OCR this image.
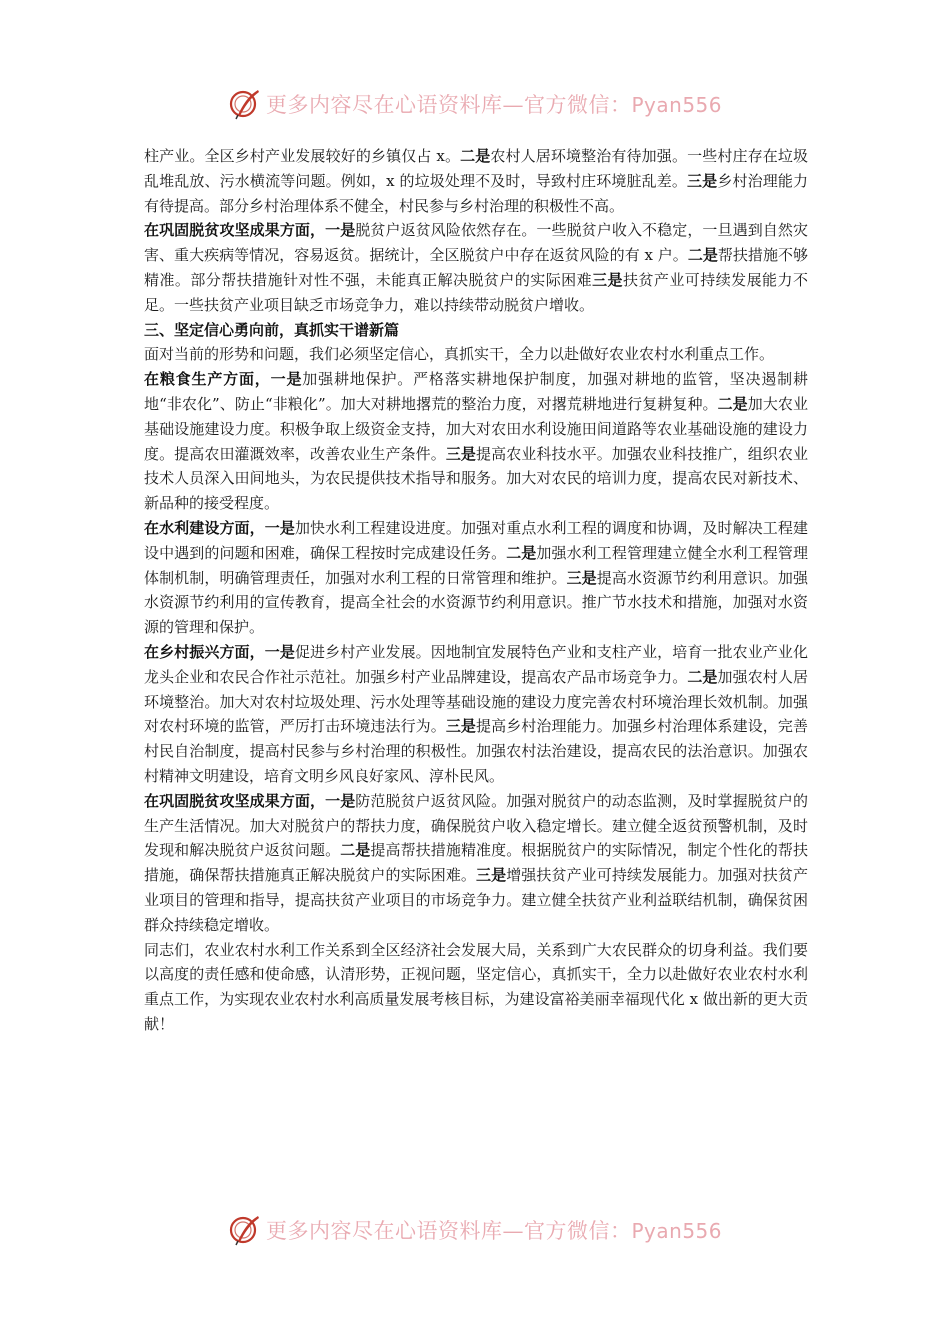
更多内容尽在心语资料库—官方微信：Pyan556

柱产业。全区乡村产业发展较好的乡镇仅占 x。二是农村人居环境整治有待加强。一些村庄存在垃圾乱堆乱放、污水横流等问题。例如，x 的垃圾处理不及时，导致村庄环境脏乱差。三是乡村治理能力有待提高。部分乡村治理体系不健全，村民参与乡村治理的积极性不高。

在巩固脱贫攻坚成果方面，一是脱贫户返贫风险依然存在。一些脱贫户收入不稳定，一旦遇到自然灾害、重大疾病等情况，容易返贫。据统计，全区脱贫户中存在返贫风险的有 x 户。二是帮扶措施不够精准。部分帮扶措施针对性不强，未能真正解决脱贫户的实际困难三是扶贫产业可持续发展能力不足。一些扶贫产业项目缺乏市场竞争力，难以持续带动脱贫户增收。

三、坚定信心勇向前，真抓实干谱新篇

面对当前的形势和问题，我们必须坚定信心，真抓实干，全力以赴做好农业农村水利重点工作。

在粮食生产方面，一是加强耕地保护。严格落实耕地保护制度，加强对耕地的监管，坚决遏制耕地“非农化”、防止“非粮化”。加大对耕地撂荒的整治力度，对撂荒耕地进行复耕复种。二是加大农业基础设施建设力度。积极争取上级资金支持，加大对农田水利设施田间道路等农业基础设施的建设力度。提高农田灌溉效率，改善农业生产条件。三是提高农业科技水平。加强农业科技推广，组织农业技术人员深入田间地头，为农民提供技术指导和服务。加大对农民的培训力度，提高农民对新技术、新品种的接受程度。

在水利建设方面，一是加快水利工程建设进度。加强对重点水利工程的调度和协调，及时解决工程建设中遇到的问题和困难，确保工程按时完成建设任务。二是加强水利工程管理建立健全水利工程管理体制机制，明确管理责任，加强对水利工程的日常管理和维护。三是提高水资源节约利用意识。加强水资源节约利用的宣传教育，提高全社会的水资源节约利用意识。推广节水技术和措施，加强对水资源的管理和保护。

在乡村振兴方面，一是促进乡村产业发展。因地制宜发展特色产业和支柱产业，培育一批农业产业化龙头企业和农民合作社示范社。加强乡村产业品牌建设，提高农产品市场竞争力。二是加强农村人居环境整治。加大对农村垃圾处理、污水处理等基础设施的建设力度完善农村环境治理长效机制。加强对农村环境的监管，严厉打击环境违法行为。三是提高乡村治理能力。加强乡村治理体系建设，完善村民自治制度，提高村民参与乡村治理的积极性。加强农村法治建设，提高农民的法治意识。加强农村精神文明建设，培育文明乡风良好家风、淳朴民风。

在巩固脱贫攻坚成果方面，一是防范脱贫户返贫风险。加强对脱贫户的动态监测，及时掌握脱贫户的生产生活情况。加大对脱贫户的帮扶力度，确保脱贫户收入稳定增长。建立健全返贫预警机制，及时发现和解决脱贫户返贫问题。二是提高帮扶措施精准度。根据脱贫户的实际情况，制定个性化的帮扶措施，确保帮扶措施真正解决脱贫户的实际困难。三是增强扶贫产业可持续发展能力。加强对扶贫产业项目的管理和指导，提高扶贫产业项目的市场竞争力。建立健全扶贫产业利益联结机制，确保贫困群众持续稳定增收。

同志们，农业农村水利工作关系到全区经济社会发展大局，关系到广大农民群众的切身利益。我们要以高度的责任感和使命感，认清形势，正视问题，坚定信心，真抓实干，全力以赴做好农业农村水利重点工作，为实现农业农村水利高质量发展考核目标，为建设富裕美丽幸福现代化 x 做出新的更大贡献！

更多内容尽在心语资料库—官方微信：Pyan556
